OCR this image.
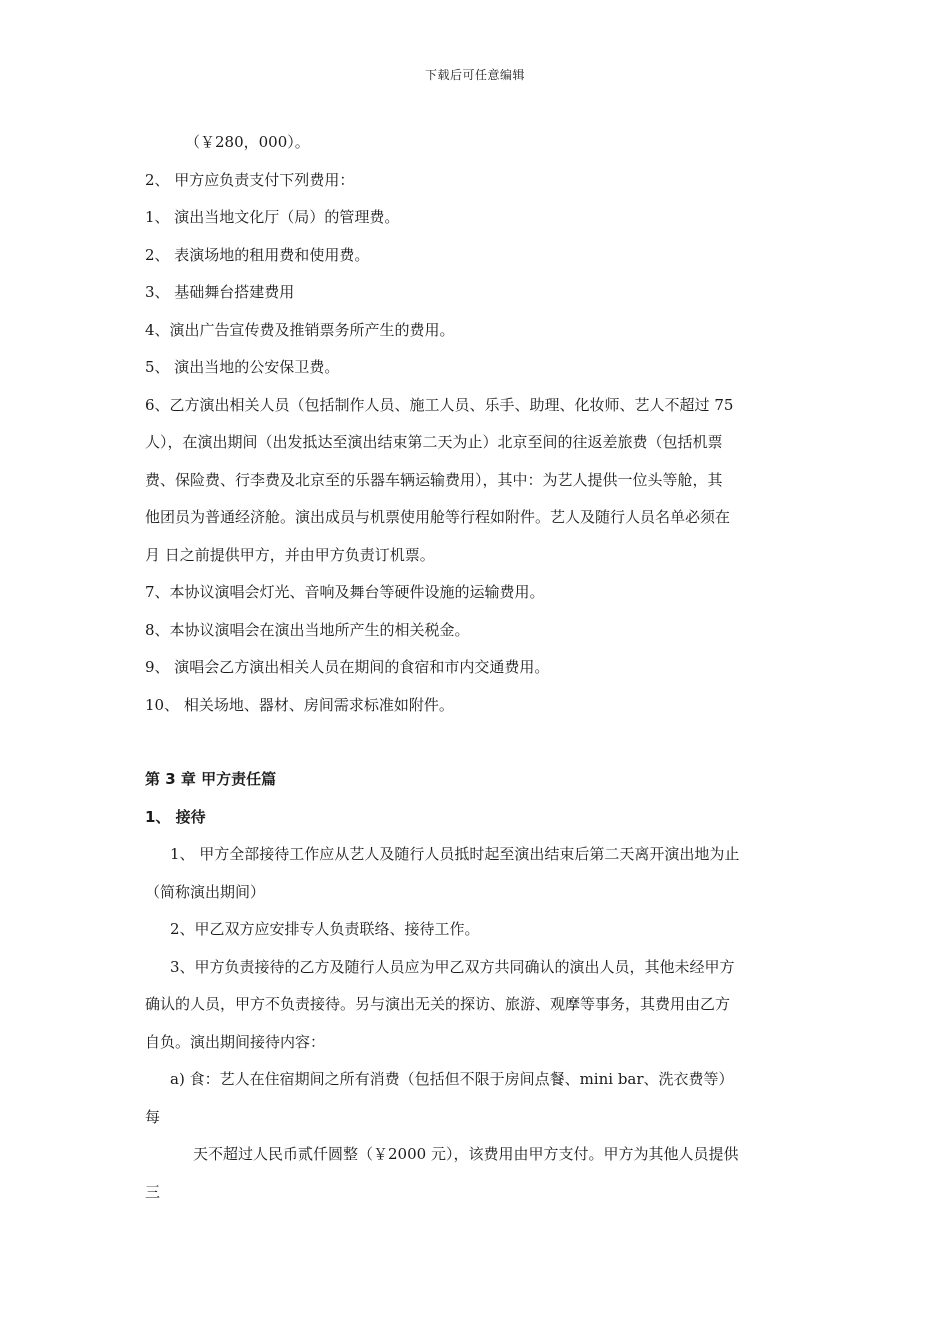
下载后可任意编辑
（￥280，000）。
2、 甲方应负责支付下列费用：
1、 演出当地文化厅（局）的管理费。
2、 表演场地的租用费和使用费。
3、 基础舞台搭建费用
4、演出广告宣传费及推销票务所产生的费用。
5、 演出当地的公安保卫费。
6、乙方演出相关人员（包括制作人员、施工人员、乐手、助理、化妆师、艺人不超过 75
人），在演出期间（出发抵达至演出结束第二天为止）北京至间的往返差旅费（包括机票
费、保险费、行李费及北京至的乐器车辆运输费用），其中：为艺人提供一位头等舱，其
他团员为普通经济舱。演出成员与机票使用舱等行程如附件。艺人及随行人员名单必须在
月 日之前提供甲方，并由甲方负责订机票。
7、本协议演唱会灯光、音响及舞台等硬件设施的运输费用。
8、本协议演唱会在演出当地所产生的相关税金。
9、 演唱会乙方演出相关人员在期间的食宿和市内交通费用。
10、 相关场地、器材、房间需求标准如附件。
第 3 章 甲方责任篇
1、 接待
1、 甲方全部接待工作应从艺人及随行人员抵时起至演出结束后第二天离开演出地为止
（简称演出期间）
2、甲乙双方应安排专人负责联络、接待工作。
3、甲方负责接待的乙方及随行人员应为甲乙双方共同确认的演出人员，其他未经甲方
确认的人员，甲方不负责接待。另与演出无关的探访、旅游、观摩等事务，其费用由乙方
自负。演出期间接待内容：
a) 食：艺人在住宿期间之所有消费（包括但不限于房间点餐、mini bar、洗衣费等）
每
天不超过人民币贰仟圆整（￥2000 元），该费用由甲方支付。甲方为其他人员提供
三
